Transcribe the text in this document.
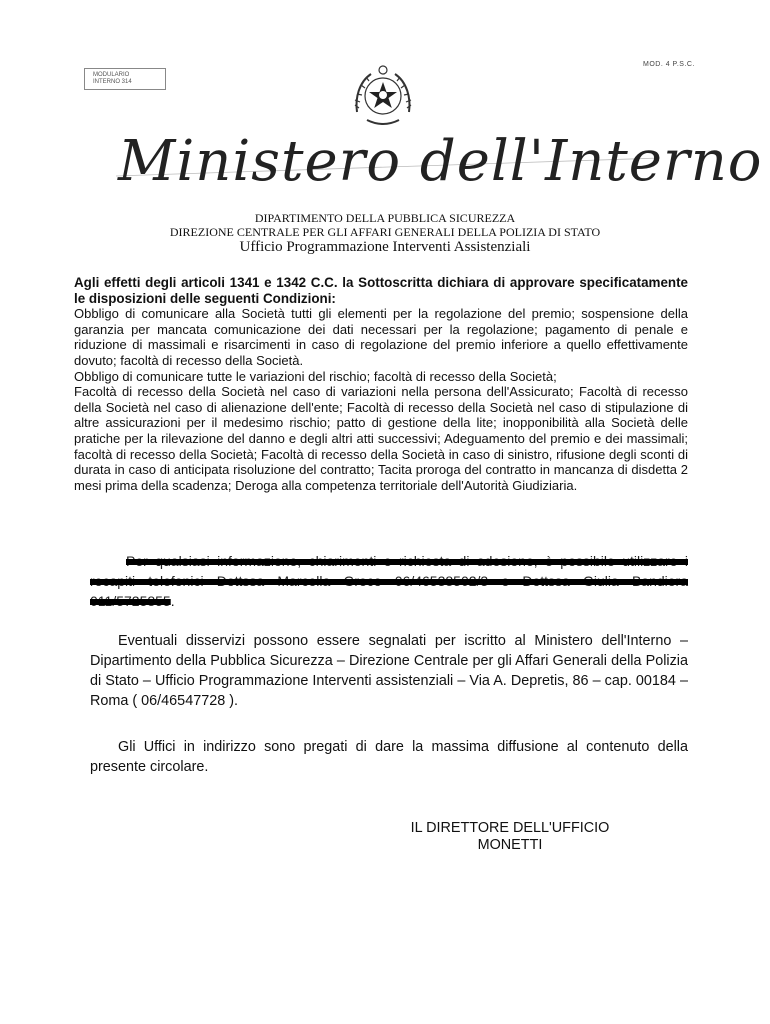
MODULARIO
INTERNO 314
MOD. 4 P.S.C.
Ministero dell'Interno
DIPARTIMENTO DELLA PUBBLICA SICUREZZA
DIREZIONE CENTRALE PER GLI AFFARI GENERALI DELLA POLIZIA DI STATO
Ufficio Programmazione Interventi Assistenziali

Agli effetti degli articoli 1341 e 1342 C.C. la Sottoscritta dichiara di approvare specificatamente le disposizioni delle seguenti Condizioni:

Obbligo di comunicare alla Società tutti gli elementi per la regolazione del premio; sospensione della garanzia per mancata comunicazione dei dati necessari per la regolazione; pagamento di penale e riduzione di massimali e risarcimenti in caso di regolazione del premio inferiore a quello effettivamente dovuto; facoltà di recesso della Società.

Obbligo di comunicare tutte le variazioni del rischio; facoltà di recesso della Società;

Facoltà di recesso della Società nel caso di variazioni nella persona dell'Assicurato; Facoltà di recesso della Società nel caso di alienazione dell'ente; Facoltà di recesso della Società nel caso di stipulazione di altre assicurazioni per il medesimo rischio; patto di gestione della lite; inopponibilità alla Società delle pratiche per la rilevazione del danno e degli altri atti successivi; Adeguamento del premio e dei massimali; facoltà di recesso della Società; Facoltà di recesso della Società in caso di sinistro, rifusione degli sconti di durata in caso di anticipata risoluzione del contratto; Tacita proroga del contratto in mancanza di disdetta 2 mesi prima della scadenza; Deroga alla competenza territoriale dell'Autorità Giudiziaria.

Per qualsiasi informazione, chiarimenti e richiesta di adesione, è possibile utilizzare i recapiti telefonici Dottssa Marcella Greco 06/46538502/3 e Dottssa Giulia Bandiera 011/5725855.

Eventuali disservizi possono essere segnalati per iscritto al Ministero dell'Interno – Dipartimento della Pubblica Sicurezza – Direzione Centrale per gli Affari Generali della Polizia di Stato – Ufficio Programmazione Interventi assistenziali – Via A. Depretis, 86 – cap. 00184 – Roma ( 06/46547728 ).

Gli Uffici in indirizzo sono pregati di dare la massima diffusione al contenuto della presente circolare.

IL DIRETTORE DELL'UFFICIO
MONETTI
